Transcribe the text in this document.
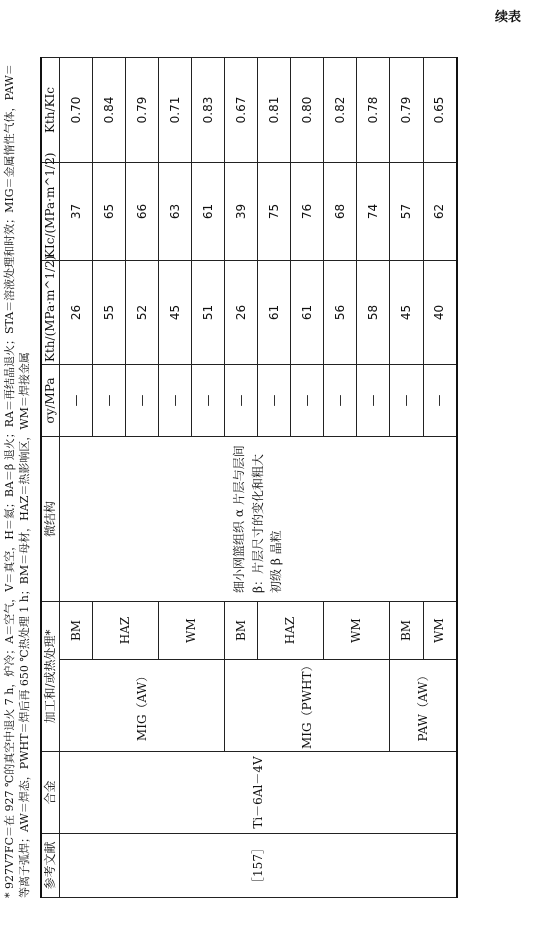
续表
参考文献	合金	加工和/或热处理*		微结构	σy/MPa	Kth/(MPa·m^1/2)	KIc/(MPa·m^1/2)	Kth/KIc
［157］	Ti－6Al－4V	MIG（AW）	BM	细小网篮组织 α 片层与层间 β：片层尺寸的变化和粗大初级 β 晶粒	—	26	37	0.70
			HAZ		—	55	65	0.84
					—	52	66	0.79
			WM		—	45	63	0.71
					—	51	61	0.83
		MIG（PWHT）	BM		—	26	39	0.67
			HAZ		—	61	75	0.81
					—	61	76	0.80
			WM		—	56	68	0.82
					—	58	74	0.78
		PAW（AW）	BM		—	45	57	0.79
			WM		—	40	62	0.65
* 927V7FC＝在 927 ℃的真空中退火 7 h，炉冷；A＝空气，V＝真空，H＝氦；BA＝β 退火；RA＝再结晶退火；STA＝溶液处理和时效；MIG＝金属惰性气体，PAW＝等离子弧焊；AW＝焊态，PWHT＝焊后再 650 ℃热处理 1 h；BM＝母材，HAZ＝热影响区，WM＝焊接金属
